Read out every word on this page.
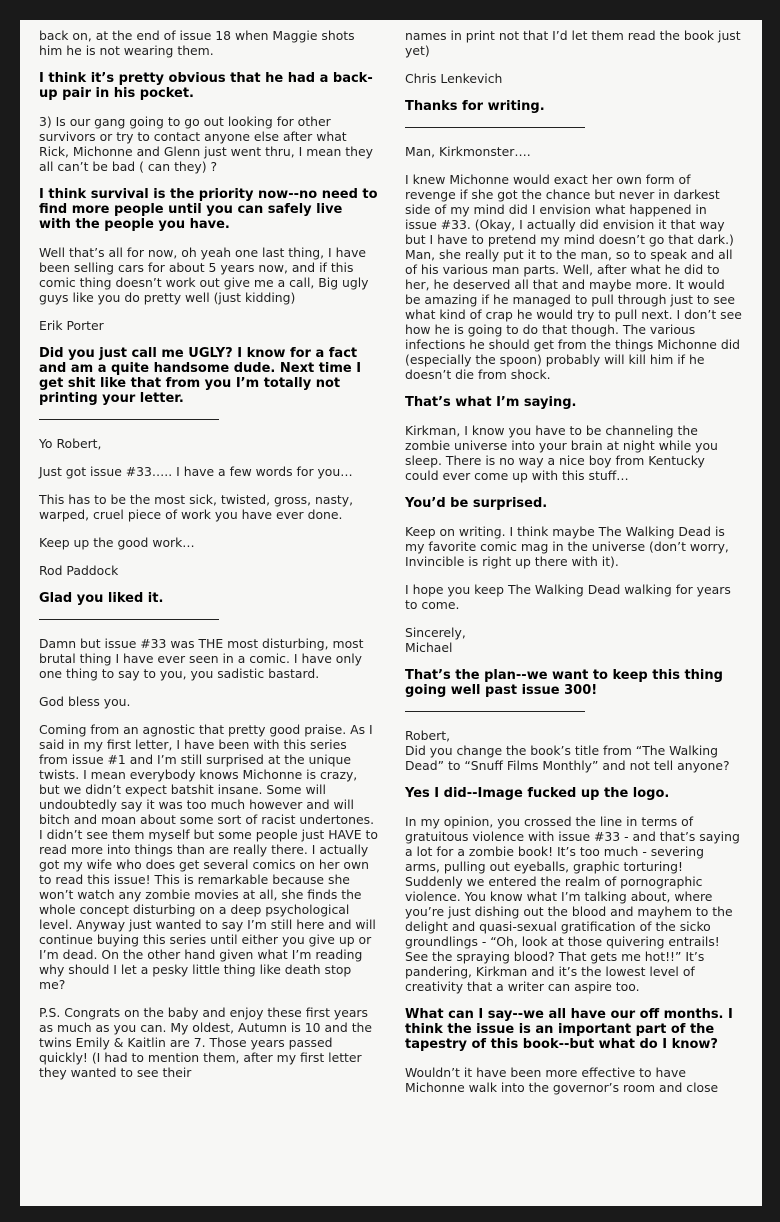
back on, at the end of issue 18 when Maggie shots him he is not wearing them.

I think it’s pretty obvious that he had a back-up pair in his pocket.

3) Is our gang going to go out looking for other survivors or try to contact anyone else after what Rick, Michonne and Glenn just went thru, I mean they all can’t be bad ( can they) ?

I think survival is the priority now--no need to find more people until you can safely live with the people you have.

Well that’s all for now, oh yeah one last thing, I have been selling cars for about 5 years now, and if this comic thing doesn’t work out give me a call, Big ugly guys like you do pretty well (just kidding)

Erik Porter

Did you just call me UGLY? I know for a fact and am a quite handsome dude. Next time I get shit like that from you I’m totally not printing your letter.

Yo Robert,

Just got issue #33….. I have a few words for you…

This has to be the most sick, twisted, gross, nasty, warped, cruel piece of work you have ever done.

Keep up the good work…

Rod Paddock

Glad you liked it.

Damn but issue #33 was THE most disturbing, most brutal thing I have ever seen in a comic. I have only one thing to say to you, you sadistic bastard.

God bless you.

Coming from an agnostic that pretty good praise. As I said in my first letter, I have been with this series from issue #1 and I’m still surprised at the unique twists. I mean everybody knows Michonne is crazy, but we didn’t expect batshit insane. Some will undoubtedly say it was too much however and will bitch and moan about some sort of racist undertones. I didn’t see them myself but some people just HAVE to read more into things than are really there. I actually got my wife who does get several comics on her own to read this issue! This is remarkable because she won’t watch any zombie movies at all, she finds the whole concept disturbing on a deep psychological level. Anyway just wanted to say I’m still here and will continue buying this series until either you give up or I’m dead. On the other hand given what I’m reading why should I let a pesky little thing like death stop me?

P.S. Congrats on the baby and enjoy these first years as much as you can. My oldest, Autumn is 10 and the twins Emily & Kaitlin are 7. Those years passed quickly! (I had to mention them, after my first letter they wanted to see their

names in print not that I’d let them read the book just yet)

Chris Lenkevich

Thanks for writing.

Man, Kirkmonster….

I knew Michonne would exact her own form of revenge if she got the chance but never in darkest side of my mind did I envision what happened in issue #33. (Okay, I actually did envision it that way but I have to pretend my mind doesn’t go that dark.) Man, she really put it to the man, so to speak and all of his various man parts. Well, after what he did to her, he deserved all that and maybe more. It would be amazing if he managed to pull through just to see what kind of crap he would try to pull next. I don’t see how he is going to do that though. The various infections he should get from the things Michonne did (especially the spoon) probably will kill him if he doesn’t die from shock.

That’s what I’m saying.

Kirkman, I know you have to be channeling the zombie universe into your brain at night while you sleep. There is no way a nice boy from Kentucky could ever come up with this stuff…

You’d be surprised.

Keep on writing. I think maybe The Walking Dead is my favorite comic mag in the universe (don’t worry, Invincible is right up there with it).

I hope you keep The Walking Dead walking for years to come.

Sincerely,
Michael

That’s the plan--we want to keep this thing going well past issue 300!

Robert,
Did you change the book’s title from “The Walking Dead” to “Snuff Films Monthly” and not tell anyone?

Yes I did--Image fucked up the logo.

In my opinion, you crossed the line in terms of gratuitous violence with issue #33 - and that’s saying a lot for a zombie book! It’s too much - severing arms, pulling out eyeballs, graphic torturing! Suddenly we entered the realm of pornographic violence. You know what I’m talking about, where you’re just dishing out the blood and mayhem to the delight and quasi-sexual gratification of the sicko groundlings - “Oh, look at those quivering entrails! See the spraying blood? That gets me hot!!” It’s pandering, Kirkman and it’s the lowest level of creativity that a writer can aspire too.

What can I say--we all have our off months. I think the issue is an important part of the tapestry of this book--but what do I know?

Wouldn’t it have been more effective to have Michonne walk into the governor’s room and close
